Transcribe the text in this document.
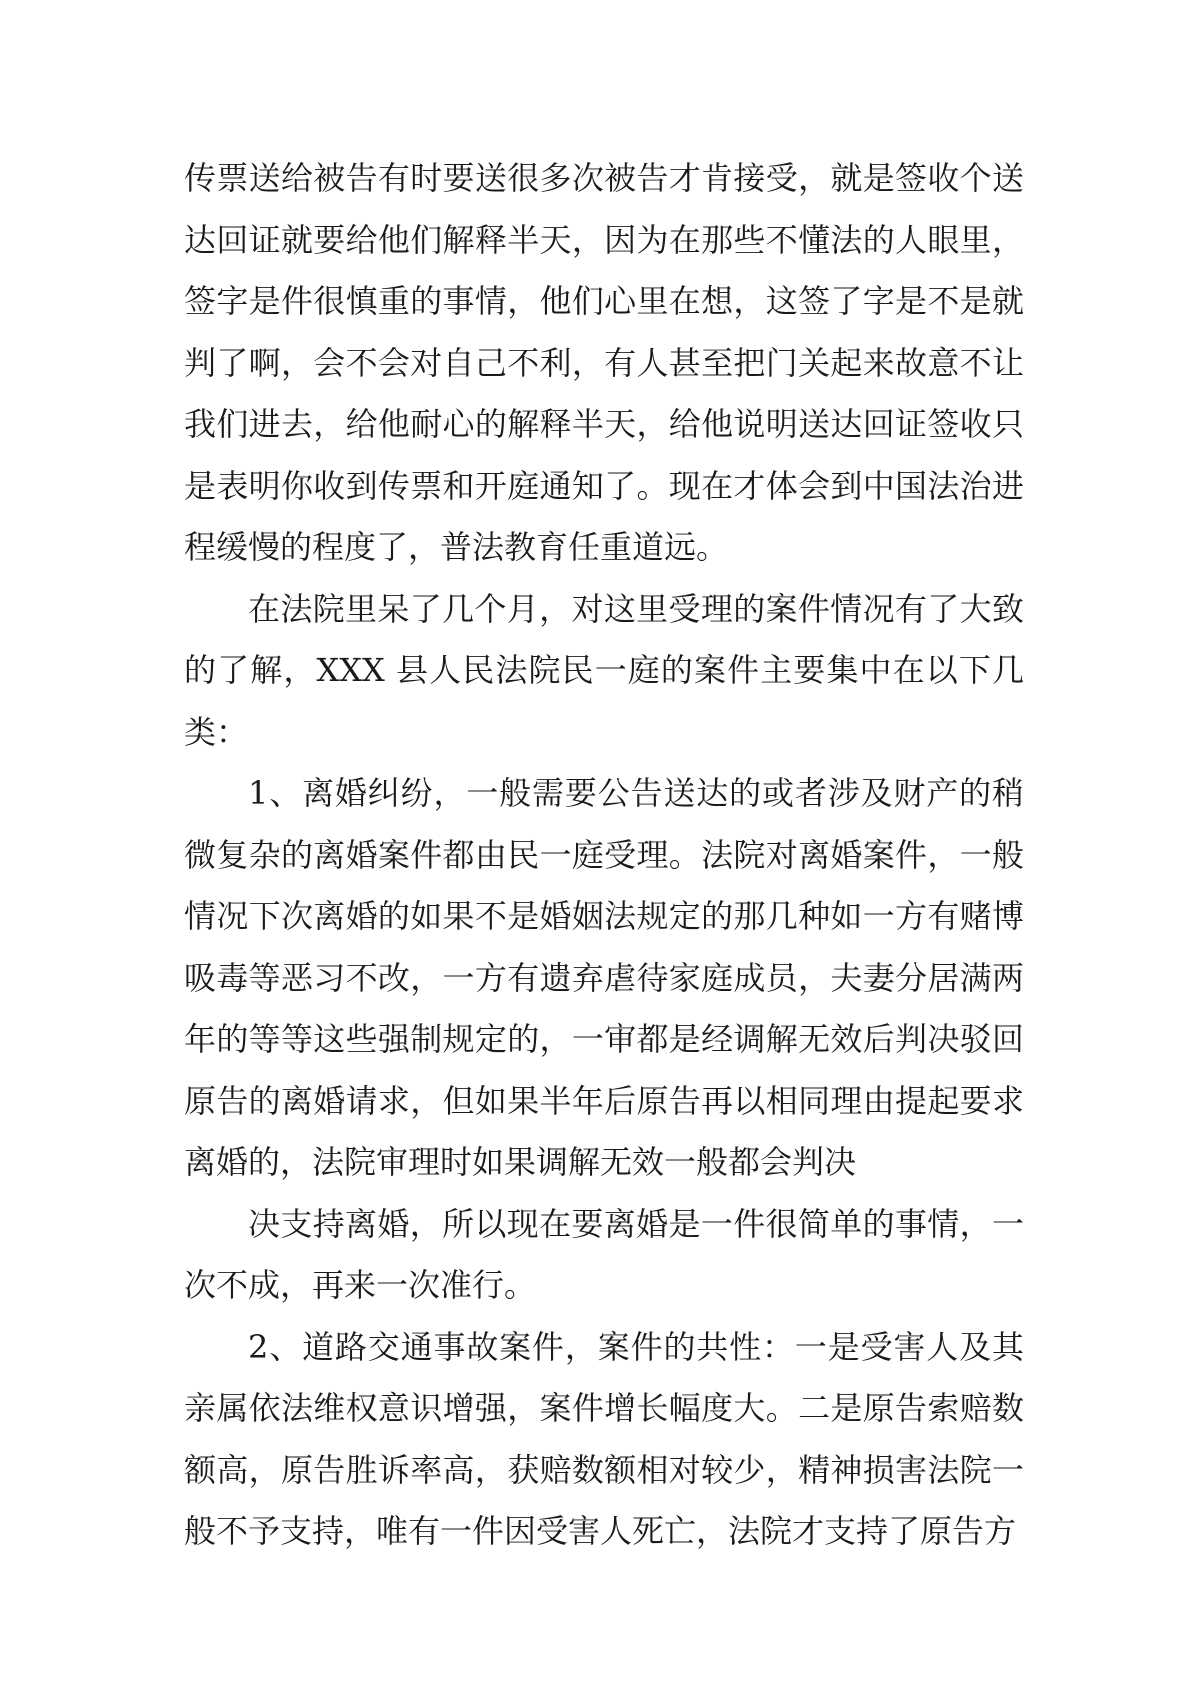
传票送给被告有时要送很多次被告才肯接受，就是签收个送达回证就要给他们解释半天，因为在那些不懂法的人眼里，签字是件很慎重的事情，他们心里在想，这签了字是不是就判了啊，会不会对自己不利，有人甚至把门关起来故意不让我们进去，给他耐心的解释半天，给他说明送达回证签收只是表明你收到传票和开庭通知了。现在才体会到中国法治进程缓慢的程度了，普法教育任重道远。

在法院里呆了几个月，对这里受理的案件情况有了大致的了解，XXX 县人民法院民一庭的案件主要集中在以下几类：

1、离婚纠纷，一般需要公告送达的或者涉及财产的稍微复杂的离婚案件都由民一庭受理。法院对离婚案件，一般情况下次离婚的如果不是婚姻法规定的那几种如一方有赌博吸毒等恶习不改，一方有遗弃虐待家庭成员，夫妻分居满两年的等等这些强制规定的，一审都是经调解无效后判决驳回原告的离婚请求，但如果半年后原告再以相同理由提起要求离婚的，法院审理时如果调解无效一般都会判决

决支持离婚，所以现在要离婚是一件很简单的事情，一次不成，再来一次准行。

2、道路交通事故案件，案件的共性：一是受害人及其亲属依法维权意识增强，案件增长幅度大。二是原告索赔数额高，原告胜诉率高，获赔数额相对较少，精神损害法院一般不予支持，唯有一件因受害人死亡，法院才支持了原告方
